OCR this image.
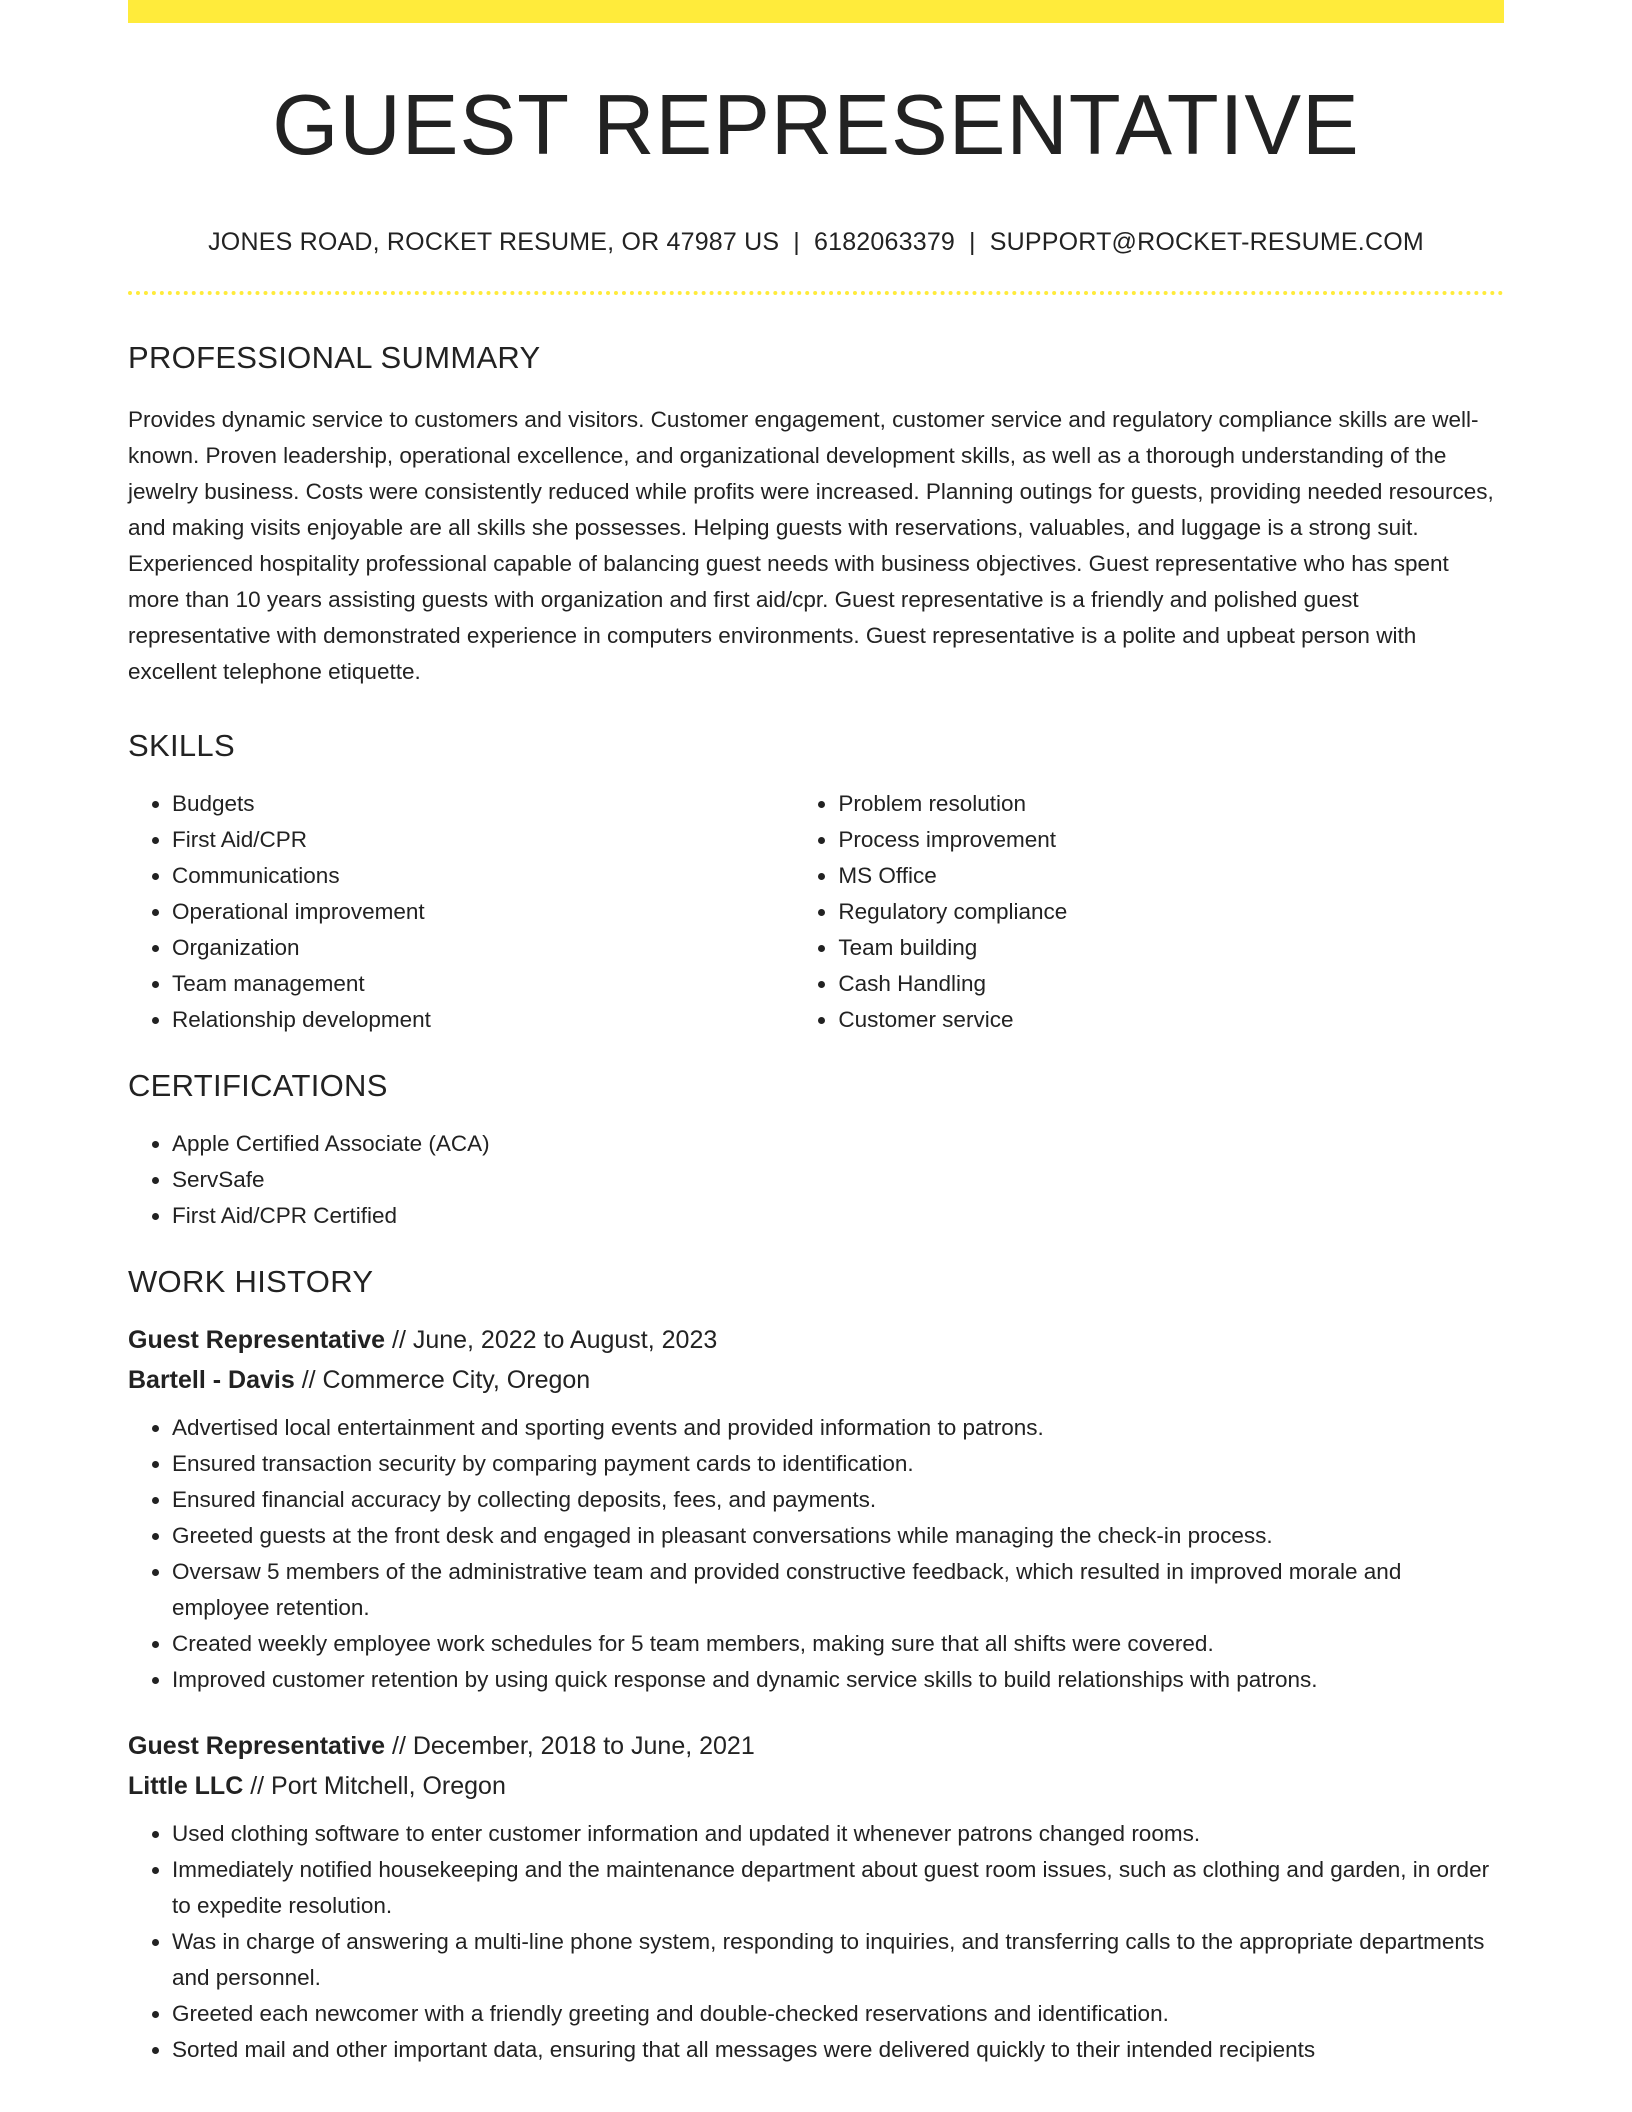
GUEST REPRESENTATIVE
JONES ROAD, ROCKET RESUME, OR 47987 US | 6182063379 | SUPPORT@ROCKET-RESUME.COM
PROFESSIONAL SUMMARY
Provides dynamic service to customers and visitors. Customer engagement, customer service and regulatory compliance skills are well-known. Proven leadership, operational excellence, and organizational development skills, as well as a thorough understanding of the jewelry business. Costs were consistently reduced while profits were increased. Planning outings for guests, providing needed resources, and making visits enjoyable are all skills she possesses. Helping guests with reservations, valuables, and luggage is a strong suit. Experienced hospitality professional capable of balancing guest needs with business objectives. Guest representative who has spent more than 10 years assisting guests with organization and first aid/cpr. Guest representative is a friendly and polished guest representative with demonstrated experience in computers environments. Guest representative is a polite and upbeat person with excellent telephone etiquette.
SKILLS
• Budgets
• First Aid/CPR
• Communications
• Operational improvement
• Organization
• Team management
• Relationship development
• Problem resolution
• Process improvement
• MS Office
• Regulatory compliance
• Team building
• Cash Handling
• Customer service
CERTIFICATIONS
• Apple Certified Associate (ACA)
• ServSafe
• First Aid/CPR Certified
WORK HISTORY
Guest Representative // June, 2022 to August, 2023
Bartell - Davis // Commerce City, Oregon
• Advertised local entertainment and sporting events and provided information to patrons.
• Ensured transaction security by comparing payment cards to identification.
• Ensured financial accuracy by collecting deposits, fees, and payments.
• Greeted guests at the front desk and engaged in pleasant conversations while managing the check-in process.
• Oversaw 5 members of the administrative team and provided constructive feedback, which resulted in improved morale and employee retention.
• Created weekly employee work schedules for 5 team members, making sure that all shifts were covered.
• Improved customer retention by using quick response and dynamic service skills to build relationships with patrons.
Guest Representative // December, 2018 to June, 2021
Little LLC // Port Mitchell, Oregon
• Used clothing software to enter customer information and updated it whenever patrons changed rooms.
• Immediately notified housekeeping and the maintenance department about guest room issues, such as clothing and garden, in order to expedite resolution.
• Was in charge of answering a multi-line phone system, responding to inquiries, and transferring calls to the appropriate departments and personnel.
• Greeted each newcomer with a friendly greeting and double-checked reservations and identification.
• Sorted mail and other important data, ensuring that all messages were delivered quickly to their intended recipients
